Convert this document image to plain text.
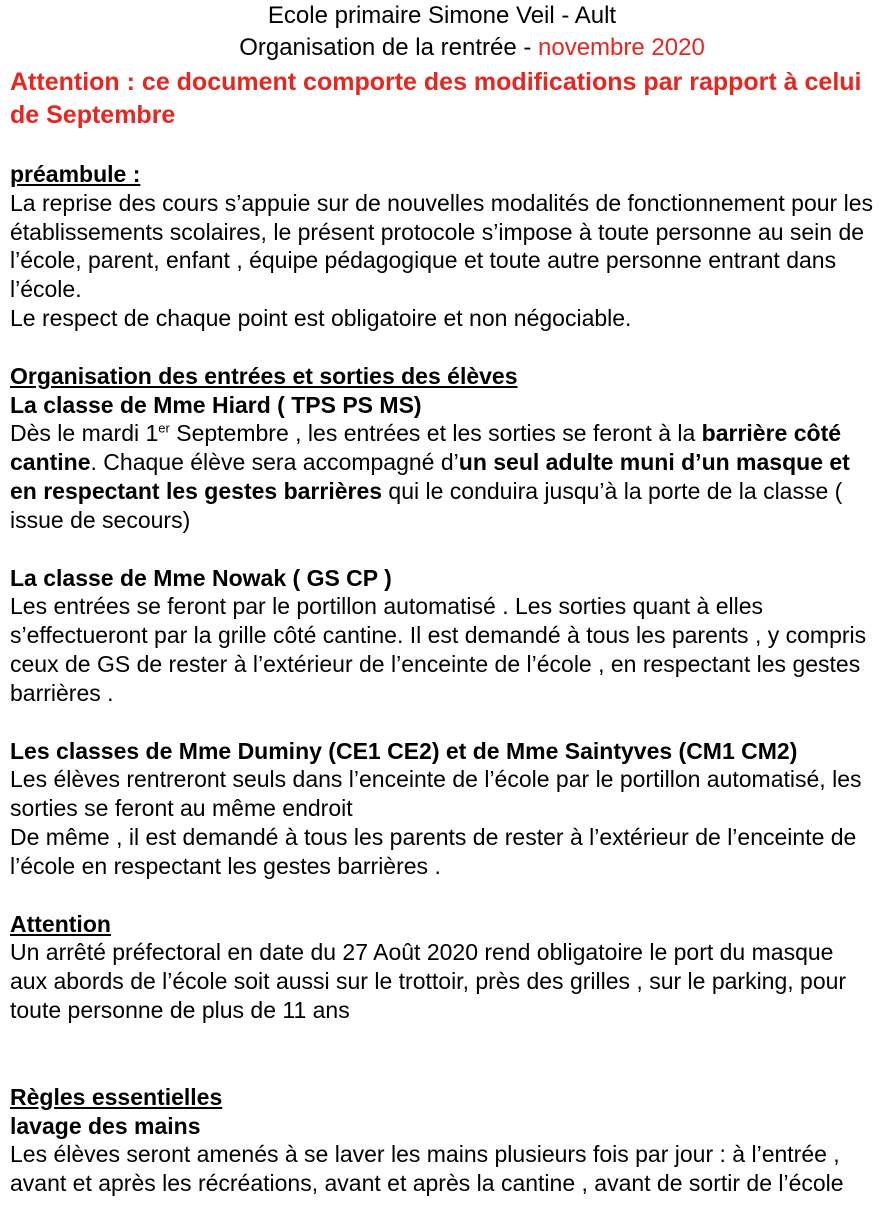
Ecole primaire Simone Veil - Ault

Organisation de la rentrée - novembre 2020

Attention : ce document comporte des modifications par rapport à celui de Septembre

préambule :

La reprise des cours s’appuie sur de nouvelles modalités de fonctionnement pour les établissements scolaires, le présent protocole s’impose à toute personne au sein de l’école, parent, enfant , équipe pédagogique et toute autre personne entrant dans l’école.

Le respect de chaque point est obligatoire et non négociable.

Organisation des entrées et sorties des élèves

La classe de Mme Hiard ( TPS PS MS)

Dès le mardi 1er Septembre , les entrées et les sorties se feront à la barrière côté cantine. Chaque élève sera accompagné d’un seul adulte muni d’un masque et en respectant les gestes barrières qui le conduira jusqu’à la porte de la classe ( issue de secours)

La classe de Mme Nowak ( GS CP )

Les entrées se feront par le portillon automatisé . Les sorties quant à elles s’effectueront par la grille côté cantine. Il est demandé à tous les parents , y compris ceux de GS de rester à l’extérieur de l’enceinte de l’école , en respectant les gestes barrières .

Les classes de Mme Duminy (CE1 CE2) et de Mme Saintyves (CM1 CM2)

Les élèves rentreront seuls dans l’enceinte de l’école par le portillon automatisé, les sorties se feront au même endroit

De même , il est demandé à tous les parents de rester à l’extérieur de l’enceinte de l’école en respectant les gestes barrières .

Attention

Un arrêté préfectoral en date du 27 Août 2020 rend obligatoire le port du masque aux abords de l’école soit aussi sur le trottoir, près des grilles , sur le parking, pour toute personne de plus de 11 ans

Règles essentielles

lavage des mains

Les élèves seront amenés à se laver les mains plusieurs fois par jour : à l’entrée , avant et après les récréations, avant et après la cantine , avant de sortir de l’école
